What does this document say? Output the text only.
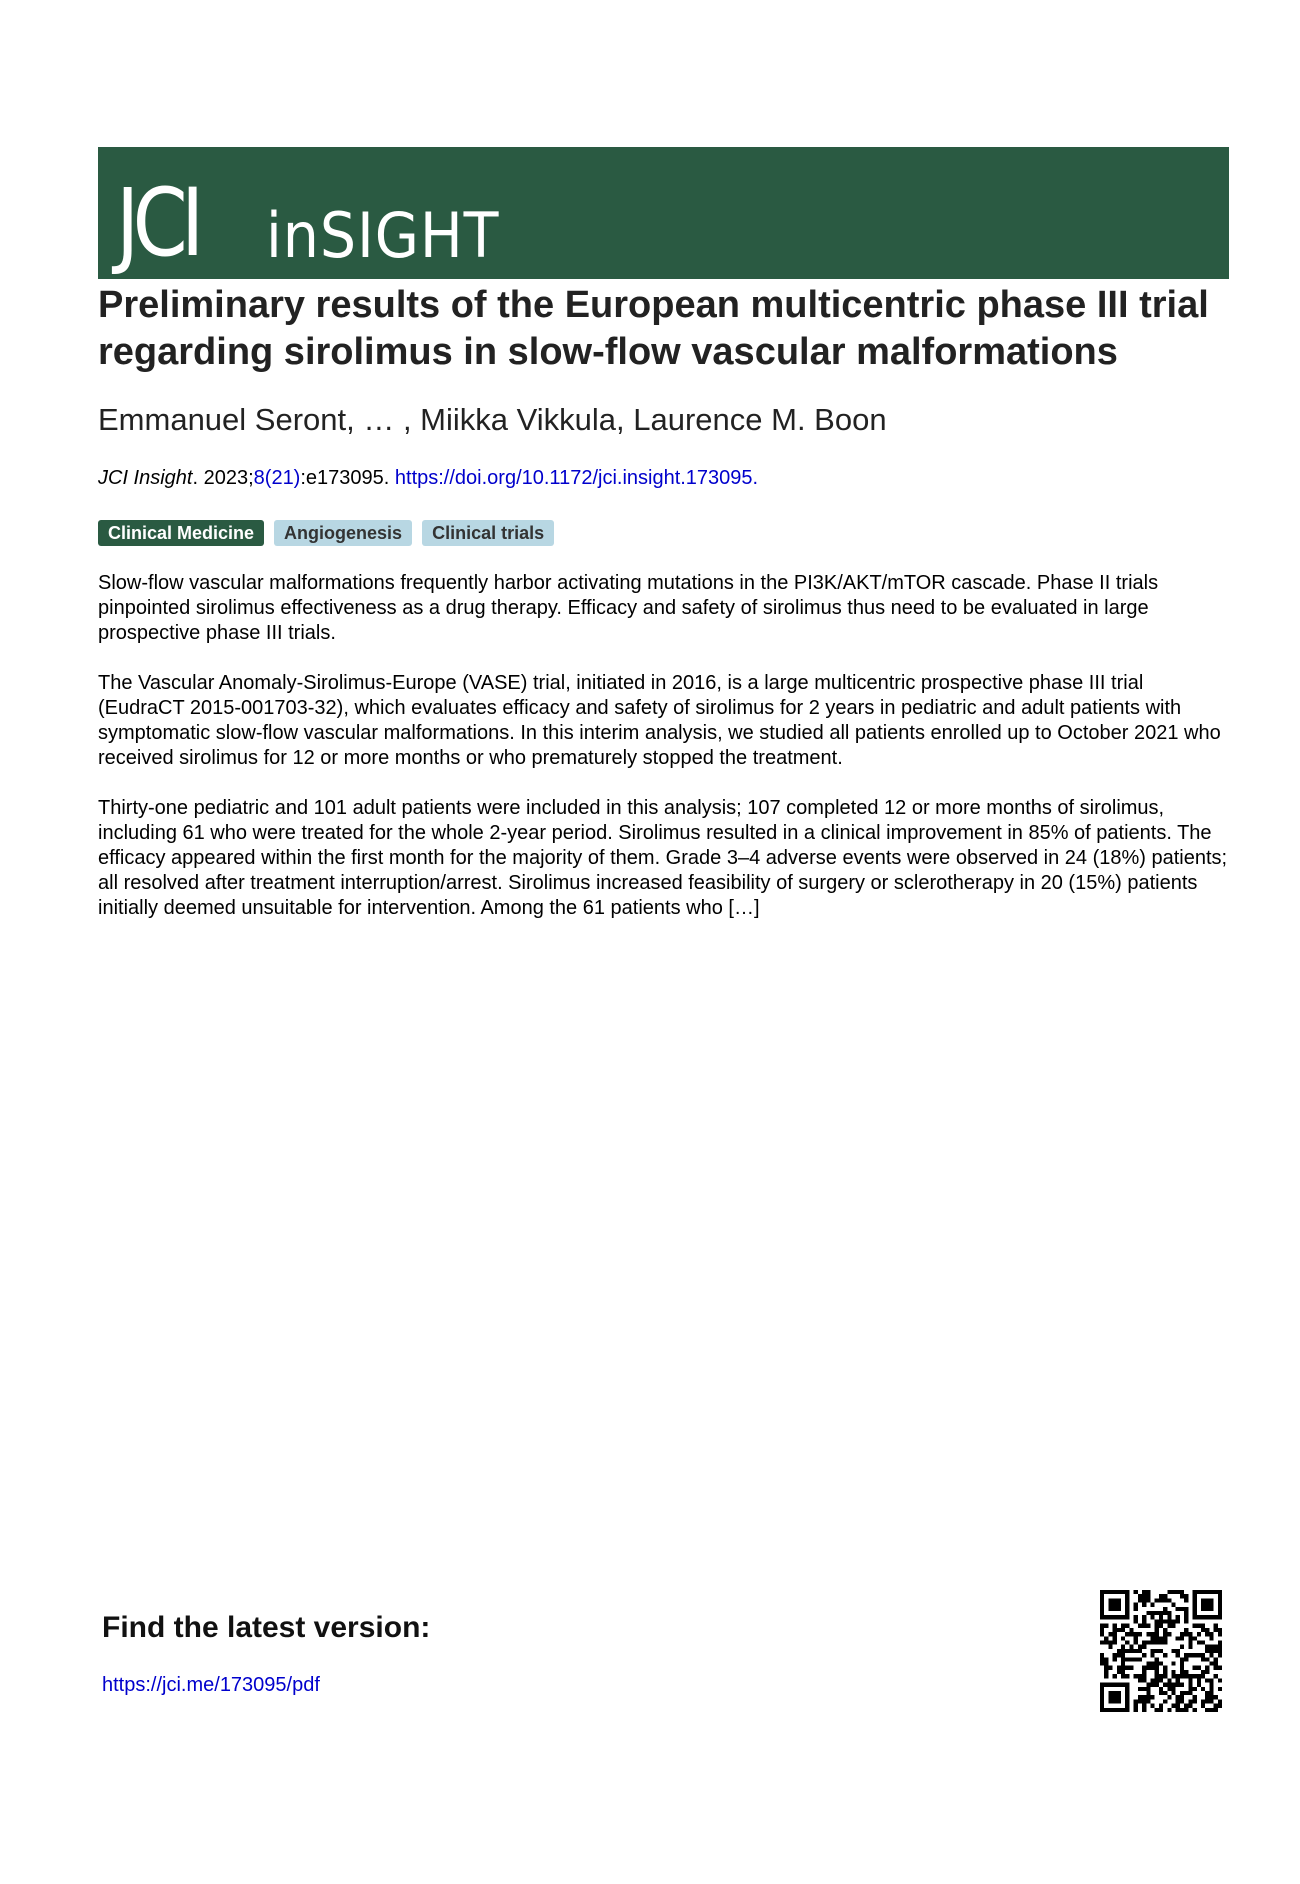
JCI	inSIGHT
Preliminary results of the European multicentric phase III trial regarding sirolimus in slow-flow vascular malformations
Emmanuel Seront, … , Miikka Vikkula, Laurence M. Boon
JCI Insight. 2023;8(21):e173095. https://doi.org/10.1172/jci.insight.173095.
Clinical Medicine	Angiogenesis	Clinical trials

Slow-flow vascular malformations frequently harbor activating mutations in the PI3K/AKT/mTOR cascade. Phase II trials pinpointed sirolimus effectiveness as a drug therapy. Efficacy and safety of sirolimus thus need to be evaluated in large prospective phase III trials.

The Vascular Anomaly-Sirolimus-Europe (VASE) trial, initiated in 2016, is a large multicentric prospective phase III trial (EudraCT 2015-001703-32), which evaluates efficacy and safety of sirolimus for 2 years in pediatric and adult patients with symptomatic slow-flow vascular malformations. In this interim analysis, we studied all patients enrolled up to October 2021 who received sirolimus for 12 or more months or who prematurely stopped the treatment.

Thirty-one pediatric and 101 adult patients were included in this analysis; 107 completed 12 or more months of sirolimus, including 61 who were treated for the whole 2-year period. Sirolimus resulted in a clinical improvement in 85% of patients. The efficacy appeared within the first month for the majority of them. Grade 3–4 adverse events were observed in 24 (18%) patients; all resolved after treatment interruption/arrest. Sirolimus increased feasibility of surgery or sclerotherapy in 20 (15%) patients initially deemed unsuitable for intervention. Among the 61 patients who […]

Find the latest version:
https://jci.me/173095/pdf
